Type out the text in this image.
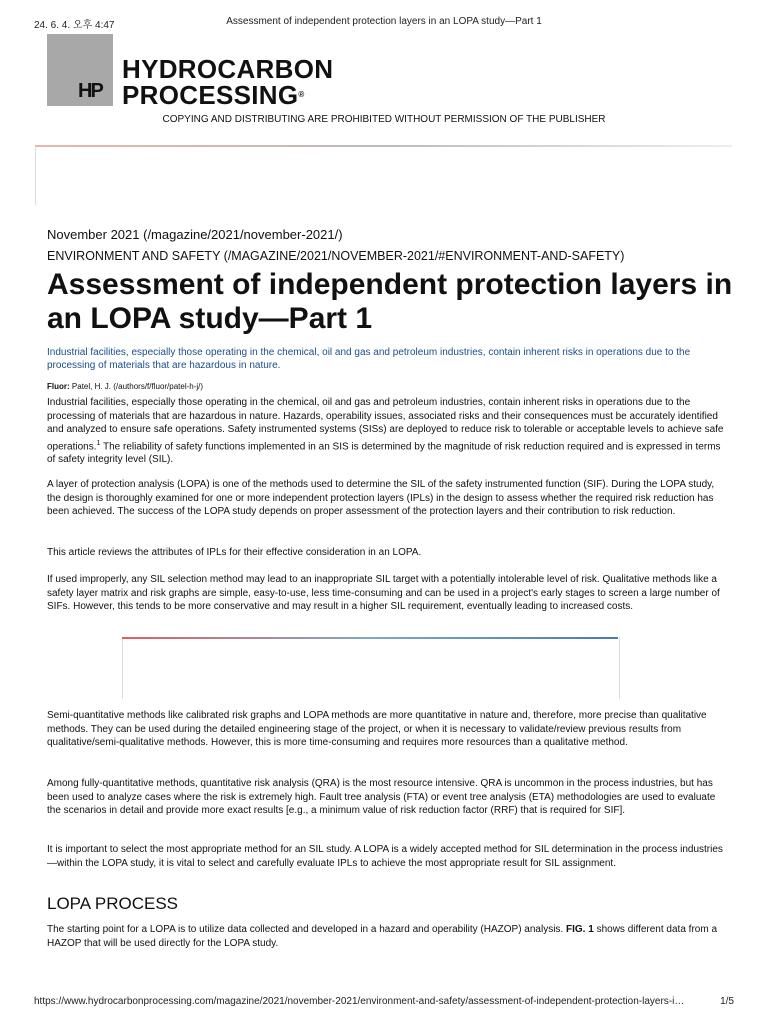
24. 6. 4. 오후 4:47	Assessment of independent protection layers in an LOPA study—Part 1
HP
HYDROCARBON
PROCESSING®
COPYING AND DISTRIBUTING ARE PROHIBITED WITHOUT PERMISSION OF THE PUBLISHER
November 2021 (/magazine/2021/november-2021/)
ENVIRONMENT AND SAFETY (/MAGAZINE/2021/NOVEMBER-2021/#ENVIRONMENT-AND-SAFETY)
Assessment of independent protection layers in an LOPA study—Part 1
Industrial facilities, especially those operating in the chemical, oil and gas and petroleum industries, contain inherent risks in operations due to the processing of materials that are hazardous in nature.
Fluor: Patel, H. J. (/authors/f/fluor/patel-h-j/)

Industrial facilities, especially those operating in the chemical, oil and gas and petroleum industries, contain inherent risks in operations due to the processing of materials that are hazardous in nature. Hazards, operability issues, associated risks and their consequences must be accurately identified and analyzed to ensure safe operations. Safety instrumented systems (SISs) are deployed to reduce risk to tolerable or acceptable levels to achieve safe operations.$^1$ The reliability of safety functions implemented in an SIS is determined by the magnitude of risk reduction required and is expressed in terms of safety integrity level (SIL).

A layer of protection analysis (LOPA) is one of the methods used to determine the SIL of the safety instrumented function (SIF). During the LOPA study, the design is thoroughly examined for one or more independent protection layers (IPLs) in the design to assess whether the required risk reduction has been achieved. The success of the LOPA study depends on proper assessment of the protection layers and their contribution to risk reduction.

This article reviews the attributes of IPLs for their effective consideration in an LOPA.

If used improperly, any SIL selection method may lead to an inappropriate SIL target with a potentially intolerable level of risk. Qualitative methods like a safety layer matrix and risk graphs are simple, easy-to-use, less time-consuming and can be used in a project's early stages to screen a large number of SIFs. However, this tends to be more conservative and may result in a higher SIL requirement, eventually leading to increased costs.

Semi-quantitative methods like calibrated risk graphs and LOPA methods are more quantitative in nature and, therefore, more precise than qualitative methods. They can be used during the detailed engineering stage of the project, or when it is necessary to validate/review previous results from qualitative/semi-qualitative methods. However, this is more time-consuming and requires more resources than a qualitative method.

Among fully-quantitative methods, quantitative risk analysis (QRA) is the most resource intensive. QRA is uncommon in the process industries, but has been used to analyze cases where the risk is extremely high. Fault tree analysis (FTA) or event tree analysis (ETA) methodologies are used to evaluate the scenarios in detail and provide more exact results [e.g., a minimum value of risk reduction factor (RRF) that is required for SIF].

It is important to select the most appropriate method for an SIL study. A LOPA is a widely accepted method for SIL determination in the process industries—within the LOPA study, it is vital to select and carefully evaluate IPLs to achieve the most appropriate result for SIL assignment.

LOPA PROCESS

The starting point for a LOPA is to utilize data collected and developed in a hazard and operability (HAZOP) analysis. FIG. 1 shows different data from a HAZOP that will be used directly for the LOPA study.

https://www.hydrocarbonprocessing.com/magazine/2021/november-2021/environment-and-safety/assessment-of-independent-protection-layers-i…	1/5
